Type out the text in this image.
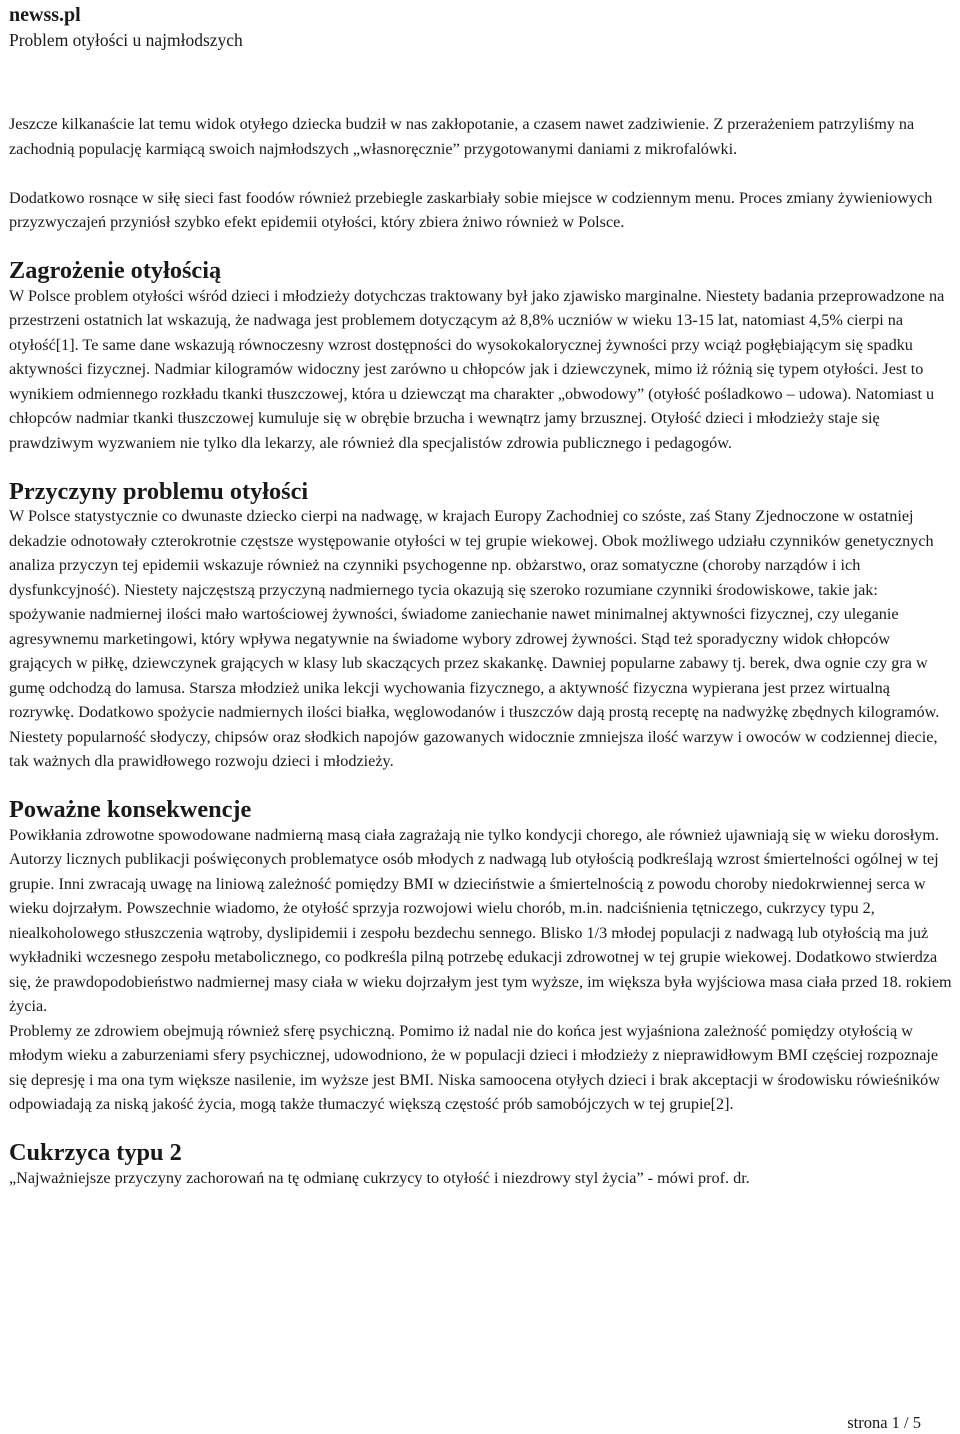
newss.pl
Problem otyłości u najmłodszych

Jeszcze kilkanaście lat temu widok otyłego dziecka budził w nas zakłopotanie, a czasem nawet zadziwienie. Z przerażeniem patrzyliśmy na zachodnią populację karmiącą swoich najmłodszych „własnoręcznie” przygotowanymi daniami z mikrofalówki.

Dodatkowo rosnące w siłę sieci fast foodów również przebiegle zaskarbiały sobie miejsce w codziennym menu. Proces zmiany żywieniowych przyzwyczajeń przyniósł szybko efekt epidemii otyłości, który zbiera żniwo również w Polsce.

Zagrożenie otyłością

W Polsce problem otyłości wśród dzieci i młodzieży dotychczas traktowany był jako zjawisko marginalne. Niestety badania przeprowadzone na przestrzeni ostatnich lat wskazują, że nadwaga jest problemem dotyczącym aż 8,8% uczniów w wieku 13-15 lat, natomiast 4,5% cierpi na otyłość[1]. Te same dane wskazują równoczesny wzrost dostępności do wysokokalorycznej żywności przy wciąż pogłębiającym się spadku aktywności fizycznej. Nadmiar kilogramów widoczny jest zarówno u chłopców jak i dziewczynek, mimo iż różnią się typem otyłości. Jest to wynikiem odmiennego rozkładu tkanki tłuszczowej, która u dziewcząt ma charakter „obwodowy” (otyłość pośladkowo – udowa). Natomiast u chłopców nadmiar tkanki tłuszczowej kumuluje się w obrębie brzucha i wewnątrz jamy brzusznej. Otyłość dzieci i młodzieży staje się prawdziwym wyzwaniem nie tylko dla lekarzy, ale również dla specjalistów zdrowia publicznego i pedagogów.

Przyczyny problemu otyłości

W Polsce statystycznie co dwunaste dziecko cierpi na nadwagę, w krajach Europy Zachodniej co szóste, zaś Stany Zjednoczone w ostatniej dekadzie odnotowały czterokrotnie częstsze występowanie otyłości w tej grupie wiekowej. Obok możliwego udziału czynników genetycznych analiza przyczyn tej epidemii wskazuje również na czynniki psychogenne np. obżarstwo, oraz somatyczne (choroby narządów i ich dysfunkcyjność). Niestety najczęstszą przyczyną nadmiernego tycia okazują się szeroko rozumiane czynniki środowiskowe, takie jak: spożywanie nadmiernej ilości mało wartościowej żywności, świadome zaniechanie nawet minimalnej aktywności fizycznej, czy uleganie agresywnemu marketingowi, który wpływa negatywnie na świadome wybory zdrowej żywności. Stąd też sporadyczny widok chłopców grających w piłkę, dziewczynek grających w klasy lub skaczących przez skakankę. Dawniej popularne zabawy tj. berek, dwa ognie czy gra w gumę odchodzą do lamusa. Starsza młodzież unika lekcji wychowania fizycznego, a aktywność fizyczna wypierana jest przez wirtualną rozrywkę. Dodatkowo spożycie nadmiernych ilości białka, węglowodanów i tłuszczów dają prostą receptę na nadwyżkę zbędnych kilogramów. Niestety popularność słodyczy, chipsów oraz słodkich napojów gazowanych widocznie zmniejsza ilość warzyw i owoców w codziennej diecie, tak ważnych dla prawidłowego rozwoju dzieci i młodzieży.

Poważne konsekwencje

Powikłania zdrowotne spowodowane nadmierną masą ciała zagrażają nie tylko kondycji chorego, ale również ujawniają się w wieku dorosłym. Autorzy licznych publikacji poświęconych problematyce osób młodych z nadwagą lub otyłością podkreślają wzrost śmiertelności ogólnej w tej grupie. Inni zwracają uwagę na liniową zależność pomiędzy BMI w dzieciństwie a śmiertelnością z powodu choroby niedokrwiennej serca w wieku dojrzałym. Powszechnie wiadomo, że otyłość sprzyja rozwojowi wielu chorób, m.in. nadciśnienia tętniczego, cukrzycy typu 2, niealkoholowego stłuszczenia wątroby, dyslipidemii i zespołu bezdechu sennego. Blisko 1/3 młodej populacji z nadwagą lub otyłością ma już wykładniki wczesnego zespołu metabolicznego, co podkreśla pilną potrzebę edukacji zdrowotnej w tej grupie wiekowej. Dodatkowo stwierdza się, że prawdopodobieństwo nadmiernej masy ciała w wieku dojrzałym jest tym wyższe, im większa była wyjściowa masa ciała przed 18. rokiem życia.

Problemy ze zdrowiem obejmują również sferę psychiczną. Pomimo iż nadal nie do końca jest wyjaśniona zależność pomiędzy otyłością w młodym wieku a zaburzeniami sfery psychicznej, udowodniono, że w populacji dzieci i młodzieży z nieprawidłowym BMI częściej rozpoznaje się depresję i ma ona tym większe nasilenie, im wyższe jest BMI. Niska samoocena otyłych dzieci i brak akceptacji w środowisku rówieśników odpowiadają za niską jakość życia, mogą także tłumaczyć większą częstość prób samobójczych w tej grupie[2].

Cukrzyca typu 2

„Najważniejsze przyczyny zachorowań na tę odmianę cukrzycy to otyłość i niezdrowy styl życia” - mówi prof. dr.

strona 1 / 5
